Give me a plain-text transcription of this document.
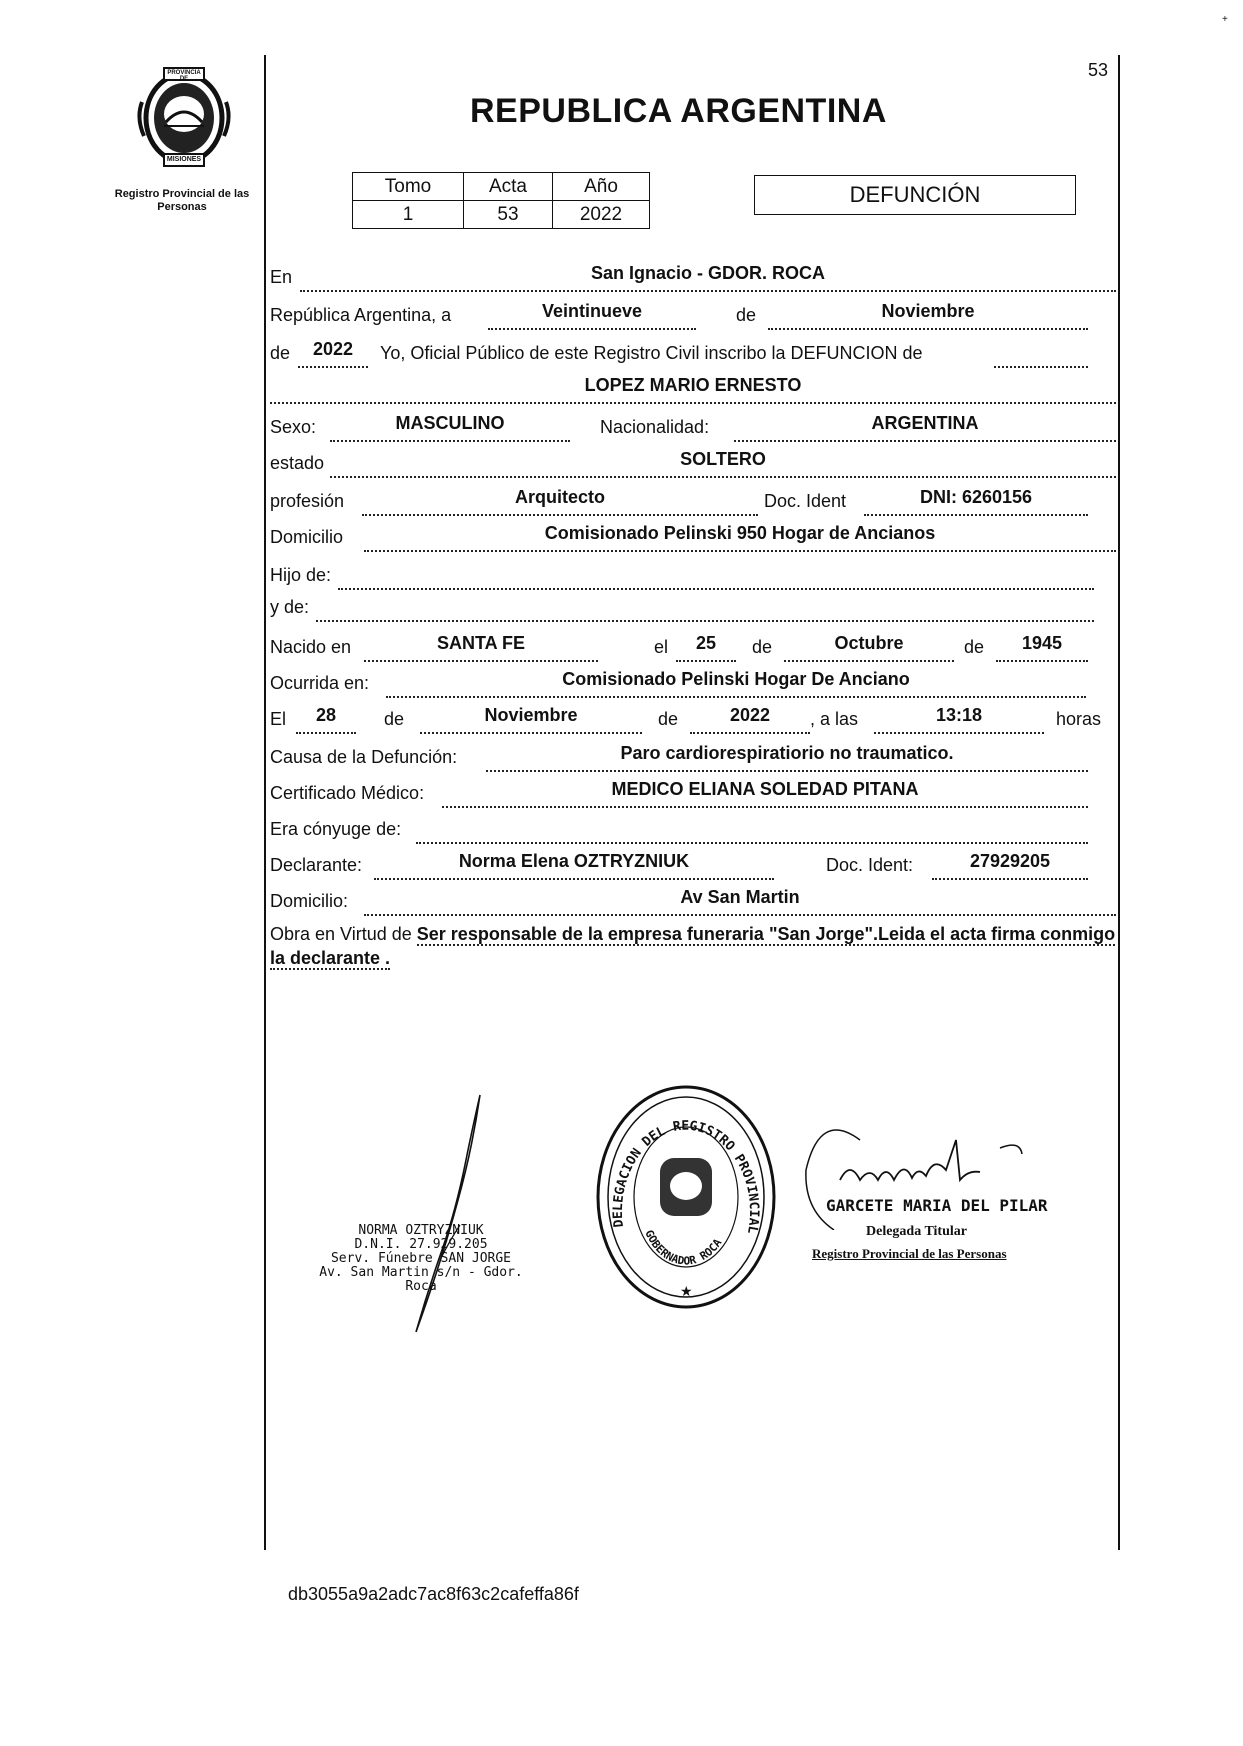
+
53
PROVINCIA DE
MISIONES
Registro Provincial de las Personas
REPUBLICA ARGENTINA
Tomo	Acta	Año
1	53	2022
DEFUNCIÓN
En	San Ignacio - GDOR. ROCA
República Argentina, a	Veintinueve	de	Noviembre
de	2022	Yo, Oficial Público de este Registro Civil inscribo la DEFUNCION de
LOPEZ MARIO ERNESTO
Sexo:	MASCULINO	Nacionalidad:	ARGENTINA
estado	SOLTERO
profesión	Arquitecto	Doc. Ident	DNI: 6260156
Domicilio	Comisionado Pelinski 950 Hogar de Ancianos
Hijo de:
y de:
Nacido en	SANTA FE	el	25	de	Octubre	de	1945
Ocurrida en:	Comisionado Pelinski Hogar De Anciano
El	28	de	Noviembre	de	2022	, a las	13:18	horas
Causa de la Defunción:	Paro cardiorespiratiorio no traumatico.
Certificado Médico:	MEDICO ELIANA SOLEDAD PITANA
Era cónyuge de:
Declarante:	Norma Elena OZTRYZNIUK	Doc. Ident:	27929205
Domicilio:	Av San Martin
Obra en Virtud de Ser responsable de la empresa funeraria "San Jorge".Leida el acta firma conmigo la declarante .
NORMA OZTRYZNIUK
D.N.I. 27.929.205
Serv. Fúnebre SAN JORGE
Av. San Martin s/n - Gdor. Roca
DELEGACION DEL REGISTRO PROVINCIAL
GOBERNADOR ROCA
★
GARCETE MARIA DEL PILAR
Delegada Titular
Registro Provincial de las Personas
db3055a9a2adc7ac8f63c2cafeffa86f
